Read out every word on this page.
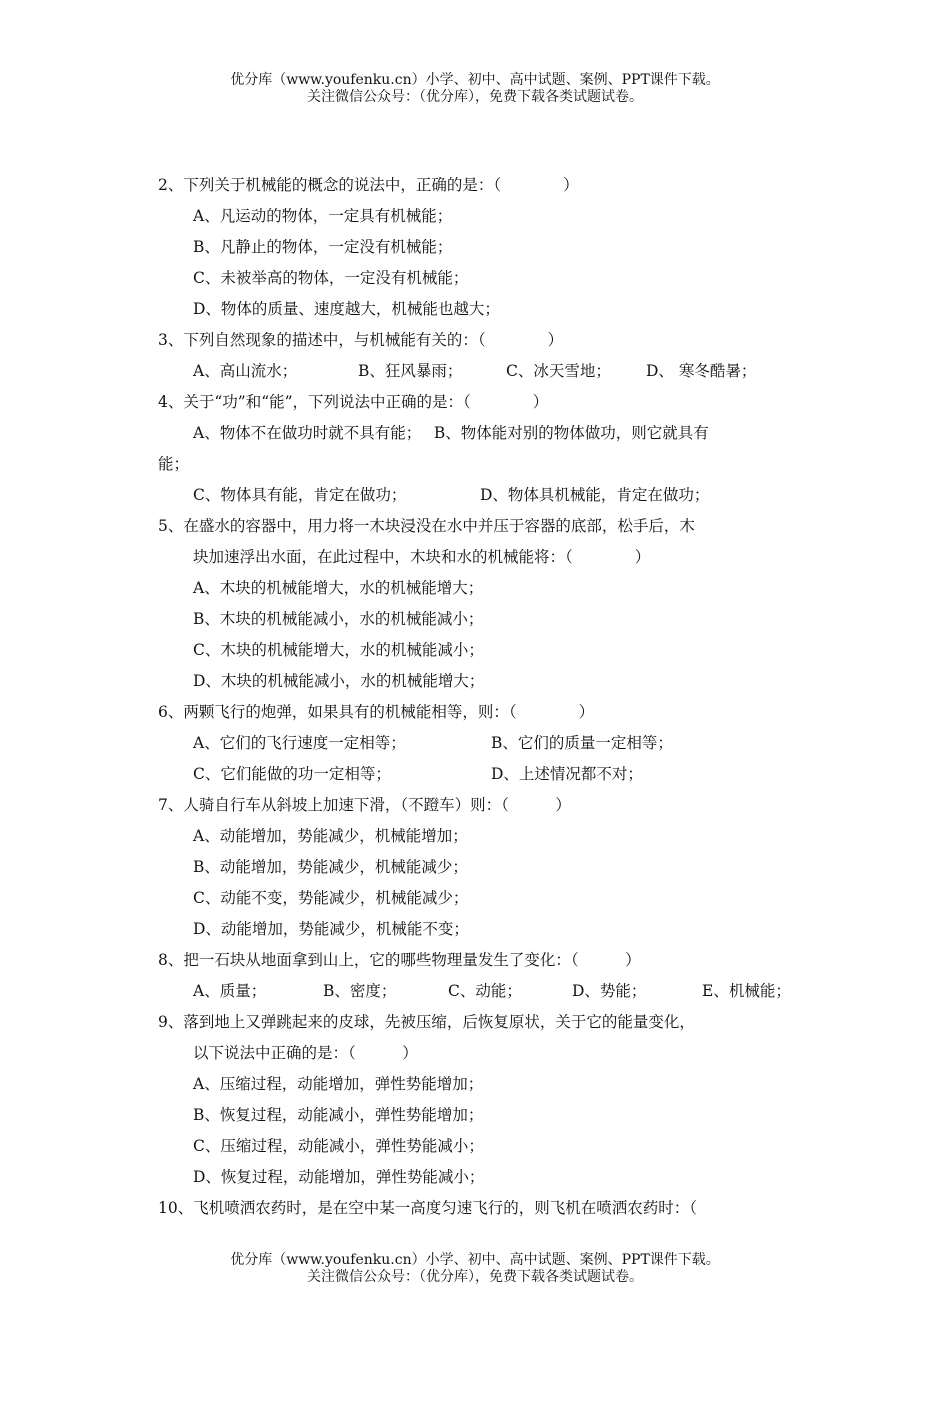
优分库（www.youfenku.cn）小学、初中、高中试题、案例、PPT课件下载。
关注微信公众号：（优分库），免费下载各类试题试卷。
2、下列关于机械能的概念的说法中，正确的是：（　　　　）
A、凡运动的物体，一定具有机械能；
B、凡静止的物体，一定没有机械能；
C、未被举高的物体，一定没有机械能；
D、物体的质量、速度越大，机械能也越大；
3、下列自然现象的描述中，与机械能有关的：（　　　　）
A、高山流水；	B、狂风暴雨；	C、冰天雪地；	D、 寒冬酷暑；
4、关于“功”和“能”，下列说法中正确的是：（　　　　）
A、物体不在做功时就不具有能；　 B、物体能对别的物体做功，则它就具有
能；
C、物体具有能，肯定在做功；	D、物体具机械能，肯定在做功；
5、在盛水的容器中，用力将一木块浸没在水中并压于容器的底部，松手后，木
块加速浮出水面，在此过程中，木块和水的机械能将：（　　　　）
A、木块的机械能增大，水的机械能增大；
B、木块的机械能减小，水的机械能减小；
C、木块的机械能增大，水的机械能减小；
D、木块的机械能减小，水的机械能增大；
6、两颗飞行的炮弹，如果具有的机械能相等，则：（　　　　）
A、它们的飞行速度一定相等；	B、它们的质量一定相等；
C、它们能做的功一定相等；	D、上述情况都不对；
7、人骑自行车从斜坡上加速下滑，（不蹬车）则：（　　　）
A、动能增加，势能减少，机械能增加；
B、动能增加，势能减少，机械能减少；
C、动能不变，势能减少，机械能减少；
D、动能增加，势能减少，机械能不变；
8、把一石块从地面拿到山上，它的哪些物理量发生了变化：（　　　）
A、质量；	B、密度；	C、动能；	D、势能；	E、机械能；
9、落到地上又弹跳起来的皮球，先被压缩，后恢复原状，关于它的能量变化，
以下说法中正确的是：（　　　）
A、压缩过程，动能增加，弹性势能增加；
B、恢复过程，动能减小，弹性势能增加；
C、压缩过程，动能减小，弹性势能减小；
D、恢复过程，动能增加，弹性势能减小；
10、飞机喷洒农药时，是在空中某一高度匀速飞行的，则飞机在喷洒农药时：（
优分库（www.youfenku.cn）小学、初中、高中试题、案例、PPT课件下载。
关注微信公众号：（优分库），免费下载各类试题试卷。
